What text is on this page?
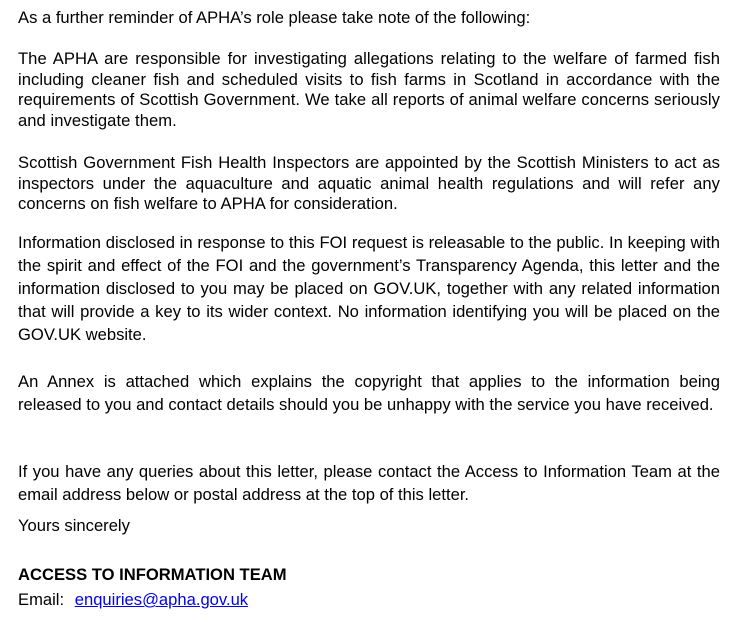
As a further reminder of APHA’s role please take note of the following:

The APHA are responsible for investigating allegations relating to the welfare of farmed fish including cleaner fish and scheduled visits to fish farms in Scotland in accordance with the requirements of Scottish Government. We take all reports of animal welfare concerns seriously and investigate them.

Scottish Government Fish Health Inspectors are appointed by the Scottish Ministers to act as inspectors under the aquaculture and aquatic animal health regulations and will refer any concerns on fish welfare to APHA for consideration.

Information disclosed in response to this FOI request is releasable to the public. In keeping with the spirit and effect of the FOI and the government’s Transparency Agenda, this letter and the information disclosed to you may be placed on GOV.UK, together with any related information that will provide a key to its wider context. No information identifying you will be placed on the GOV.UK website.

An Annex is attached which explains the copyright that applies to the information being released to you and contact details should you be unhappy with the service you have received.

If you have any queries about this letter, please contact the Access to Information Team at the email address below or postal address at the top of this letter.

Yours sincerely
ACCESS TO INFORMATION TEAM
Email: enquiries@apha.gov.uk
